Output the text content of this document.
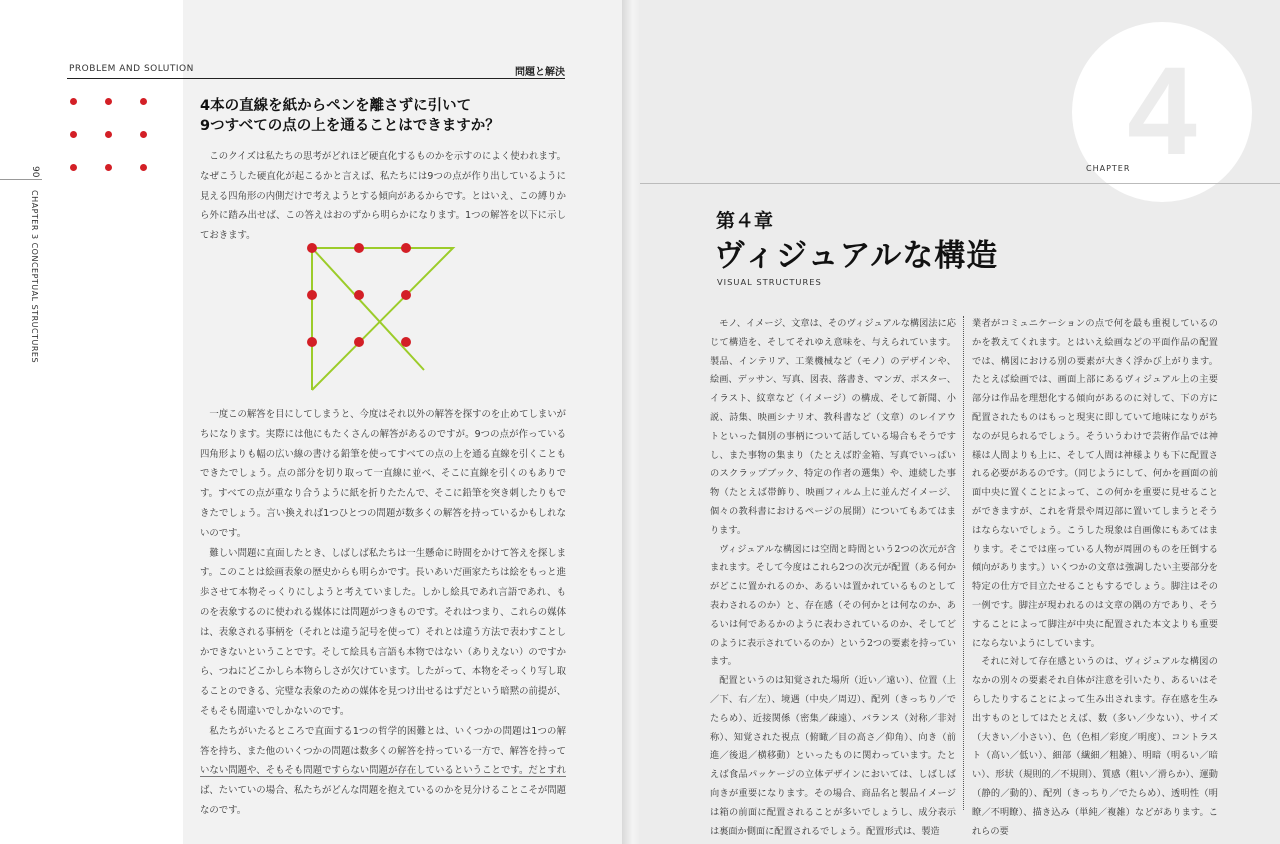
PROBLEM AND SOLUTION	問題と解決
90
CHAPTER 3 CONCEPTUAL STRUCTURES
4本の直線を紙からペンを離さずに引いて
9つすべての点の上を通ることはできますか？

このクイズは私たちの思考がどれほど硬直化するものかを示すのによく使われます。なぜこうした硬直化が起こるかと言えば、私たちには9つの点が作り出しているように見える四角形の内側だけで考えようとする傾向があるからです。とはいえ、この縛りから外に踏み出せば、この答えはおのずから明らかになります。1つの解答を以下に示しておきます。

一度この解答を目にしてしまうと、今度はそれ以外の解答を探すのを止めてしまいがちになります。実際には他にもたくさんの解答があるのですが。9つの点が作っている四角形よりも幅の広い線の書ける鉛筆を使ってすべての点の上を通る直線を引くこともできたでしょう。点の部分を切り取って一直線に並べ、そこに直線を引くのもありです。すべての点が重なり合うように紙を折りたたんで、そこに鉛筆を突き刺したりもできたでしょう。言い換えれば1つひとつの問題が数多くの解答を持っているかもしれないのです。

難しい問題に直面したとき、しばしば私たちは一生懸命に時間をかけて答えを探します。このことは絵画表象の歴史からも明らかです。長いあいだ画家たちは絵をもっと進歩させて本物そっくりにしようと考えていました。しかし絵具であれ言語であれ、ものを表象するのに使われる媒体には問題がつきものです。それはつまり、これらの媒体は、表象される事柄を（それとは違う記号を使って）それとは違う方法で表わすことしかできないということです。そして絵具も言語も本物ではない（ありえない）のですから、つねにどこかしら本物らしさが欠けています。したがって、本物をそっくり写し取ることのできる、完璧な表象のための媒体を見つけ出せるはずだという暗黙の前提が、そもそも間違いでしかないのです。

私たちがいたるところで直面する1つの哲学的困難とは、いくつかの問題は1つの解答を持ち、また他のいくつかの問題は数多くの解答を持っている一方で、解答を持っていない問題や、そもそも問題ですらない問題が存在しているということです。だとすれば、たいていの場合、私たちがどんな問題を抱えているのかを見分けることこそが問題なのです。

4
CHAPTER
第４章
ヴィジュアルな構造
VISUAL STRUCTURES

モノ、イメージ、文章は、そのヴィジュアルな構図法に応じて構造を、そしてそれゆえ意味を、与えられています。製品、インテリア、工業機械など（モノ）のデザインや、絵画、デッサン、写真、図表、落書き、マンガ、ポスター、イラスト、紋章など（イメージ）の構成、そして新聞、小説、詩集、映画シナリオ、教科書など（文章）のレイアウトといった個別の事柄について話している場合もそうですし、また事物の集まり（たとえば貯金箱、写真でいっぱいのスクラップブック、特定の作者の選集）や、連続した事物（たとえば帯飾り、映画フィルム上に並んだイメージ、個々の教科書におけるページの展開）についてもあてはまります。

ヴィジュアルな構図には空間と時間という2つの次元が含まれます。そして今度はこれら2つの次元が配置（ある何かがどこに置かれるのか、あるいは置かれているものとして表わされるのか）と、存在感（その何かとは何なのか、あるいは何であるかのように表わされているのか、そしてどのように表示されているのか）という2つの要素を持っています。

配置というのは知覚された場所（近い／遠い）、位置（上／下、右／左）、境遇（中央／周辺）、配列（きっちり／でたらめ）、近接関係（密集／疎遠）、バランス（対称／非対称）、知覚された視点（俯瞰／目の高さ／仰角）、向き（前進／後退／横移動）といったものに関わっています。たとえば食品パッケージの立体デザインにおいては、しばしば向きが重要になります。その場合、商品名と製品イメージは箱の前面に配置されることが多いでしょうし、成分表示は裏面か側面に配置されるでしょう。配置形式は、製造

業者がコミュニケーションの点で何を最も重視しているのかを教えてくれます。とはいえ絵画などの平面作品の配置では、構図における別の要素が大きく浮かび上がります。たとえば絵画では、画面上部にあるヴィジュアル上の主要部分は作品を理想化する傾向があるのに対して、下の方に配置されたものはもっと現実に即していて地味になりがちなのが見られるでしょう。そういうわけで芸術作品では神様は人間よりも上に、そして人間は神様よりも下に配置される必要があるのです。（同じようにして、何かを画面の前面中央に置くことによって、この何かを重要に見せることができますが、これを背景や周辺部に置いてしまうとそうはならないでしょう。こうした現象は自画像にもあてはまります。そこでは座っている人物が周囲のものを圧倒する傾向があります。）いくつかの文章は強調したい主要部分を特定の仕方で目立たせることもするでしょう。脚注はその一例です。脚注が現われるのは文章の隅の方であり、そうすることによって脚注が中央に配置された本文よりも重要にならないようにしています。

それに対して存在感というのは、ヴィジュアルな構図のなかの別々の要素それ自体が注意を引いたり、あるいはそらしたりすることによって生み出されます。存在感を生み出すものとしてはたとえば、数（多い／少ない）、サイズ（大きい／小さい）、色（色相／彩度／明度）、コントラスト（高い／低い）、細部（繊細／粗雑）、明暗（明るい／暗い）、形状（規則的／不規則）、質感（粗い／滑らか）、運動（静的／動的）、配列（きっちり／でたらめ）、透明性（明瞭／不明瞭）、描き込み（単純／複雑）などがあります。これらの要
